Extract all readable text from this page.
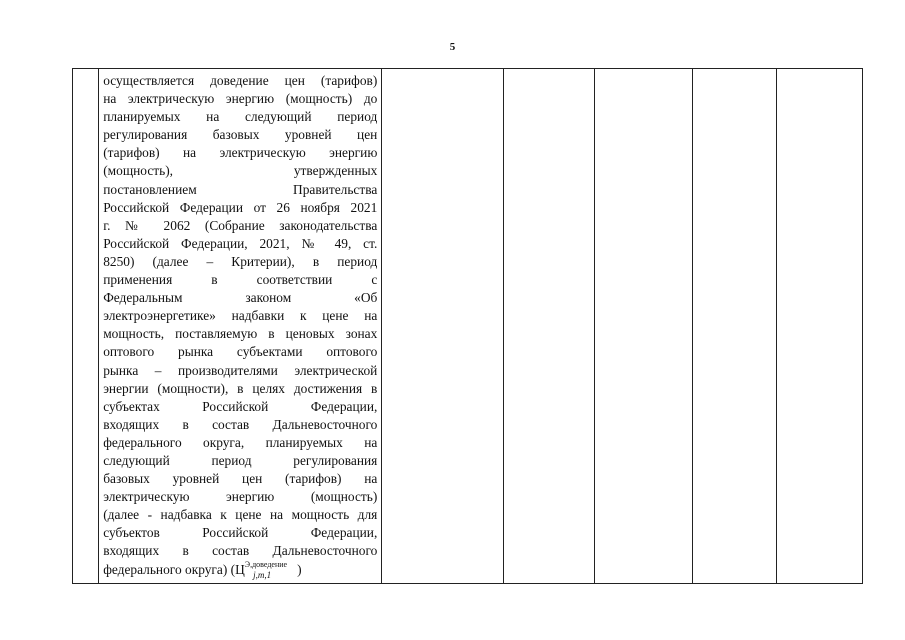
5

осуществляется доведение цен (тарифов)
на электрическую энергию (мощность) до
планируемых на следующий период
регулирования базовых уровней цен
(тарифов) на электрическую энергию
(мощность), утвержденных
постановлением Правительства
Российской Федерации от 26 ноября 2021
г. № 2062 (Собрание законодательства
Российской Федерации, 2021, № 49, ст.
8250) (далее – Критерии), в период
применения в соответствии с
Федеральным законом «Об
электроэнергетике» надбавки к цене на
мощность, поставляемую в ценовых зонах
оптового рынка субъектами оптового
рынка – производителями электрической
энергии (мощности), в целях достижения в
субъектах Российской Федерации,
входящих в состав Дальневосточного
федерального округа, планируемых на
следующий период регулирования
базовых уровней цен (тарифов) на
электрическую энергию (мощность)
(далее - надбавка к цене на мощность для
субъектов Российской Федерации,
входящих в состав Дальневосточного
федерального округа) ($Ц^{Э,доведение}_{j,m,1}$ )
